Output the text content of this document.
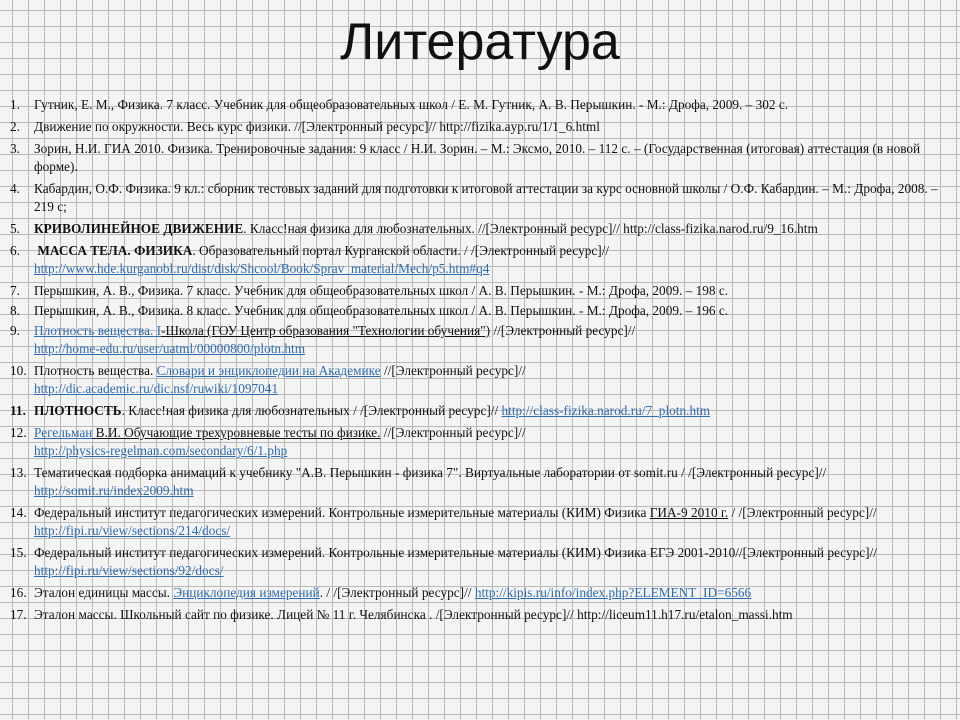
Литература
1.	Гутник, Е. М., Физика. 7 класс. Учебник для общеобразовательных школ / Е. М. Гутник, А. В. Перышкин. - М.: Дрофа, 2009. – 302 с.
2.	Движение по окружности. Весь курс физики. //[Электронный ресурс]// http://fizika.ayp.ru/1/1_6.html
3.	Зорин, Н.И. ГИА 2010. Физика. Тренировочные задания: 9 класс / Н.И. Зорин. – М.: Эксмо, 2010. – 112 с. – (Государственная (итоговая) аттестация (в новой форме).
4.	Кабардин, О.Ф. Физика. 9 кл.: сборник тестовых заданий для подготовки к итоговой аттестации за курс основной школы / О.Ф. Кабардин. – М.: Дрофа, 2008. – 219 с;
5.	КРИВОЛИНЕЙНОЕ ДВИЖЕНИЕ. Класс!ная физика для любознательных. //[Электронный ресурс]// http://class-fizika.narod.ru/9_16.htm
6.	МАССА ТЕЛА. ФИЗИКА. Образовательный портал Курганской области. / /[Электронный ресурс]//
http://www.hde.kurganobl.ru/dist/disk/Shcool/Book/Sprav_material/Mech/p5.htm#q4
7.	Перышкин, А. В., Физика. 7 класс. Учебник для общеобразовательных школ / А. В. Перышкин. - М.: Дрофа, 2009. – 198 с.
8.	Перышкин, А. В., Физика. 8 класс. Учебник для общеобразовательных школ / А. В. Перышкин. - М.: Дрофа, 2009. – 196 с.
9.	Плотность вещества. I-Школа (ГОУ Центр образования "Технологии обучения") //[Электронный ресурс]//
http://home-edu.ru/user/uatml/00000800/plotn.htm
10. Плотность вещества. Словари и энциклопедии на Академике //[Электронный ресурс]//
http://dic.academic.ru/dic.nsf/ruwiki/1097041
11. ПЛОТНОСТЬ. Класс!ная физика для любознательных / /[Электронный ресурс]// http://class-fizika.narod.ru/7_plotn.htm
12. Регельман В.И. Обучающие трехуровневые тесты по физике. //[Электронный ресурс]//
http://physics-regelman.com/secondary/6/1.php
13. Тематическая подборка анимаций к учебнику "А.В. Перышкин - физика 7". Виртуальные лаборатории от somit.ru / /[Электронный ресурс]// http://somit.ru/index2009.htm
14. Федеральный институт педагогических измерений. Контрольные измерительные материалы (КИМ) Физика ГИА-9 2010 г. / /[Электронный ресурс]// http://fipi.ru/view/sections/214/docs/
15. Федеральный институт педагогических измерений. Контрольные измерительные материалы (КИМ) Физика ЕГЭ 2001-2010//[Электронный ресурс]// http://fipi.ru/view/sections/92/docs/
16. Эталон единицы массы. Энциклопедия измерений. / /[Электронный ресурс]// http://kipis.ru/info/index.php?ELEMENT_ID=6566
17. Эталон массы. Школьный сайт по физике. Лицей № 11 г. Челябинска . /[Электронный ресурс]// http://liceum11.h17.ru/etalon_massi.htm
